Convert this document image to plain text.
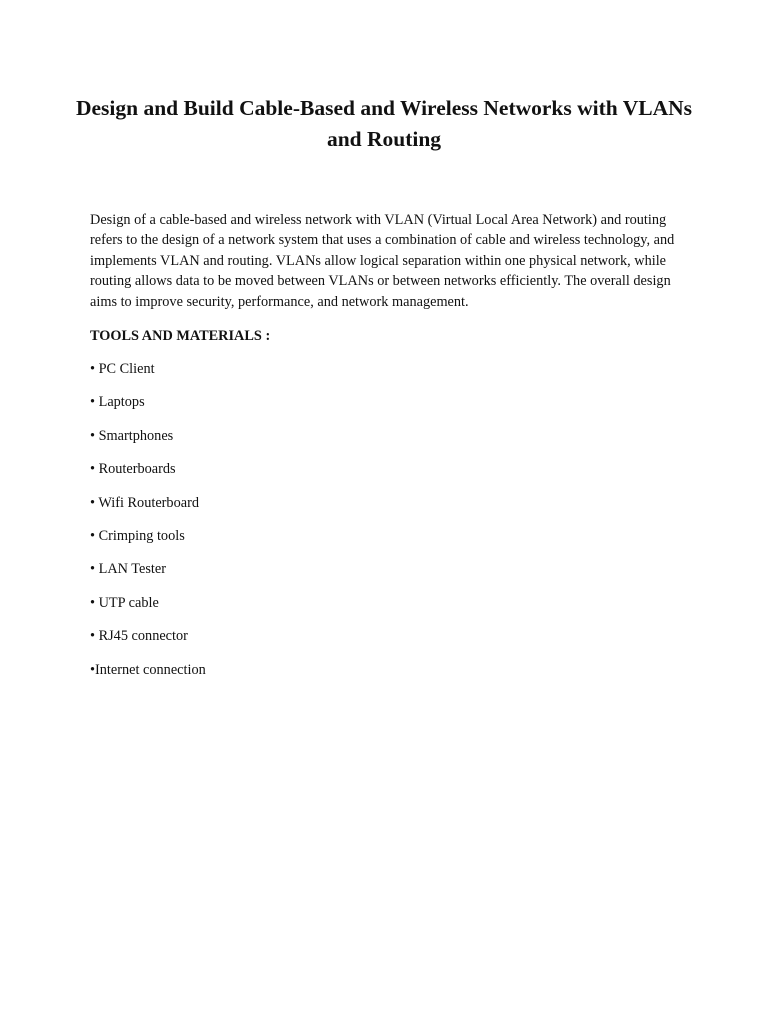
Design and Build Cable-Based and Wireless Networks with VLANs and Routing

Design of a cable-based and wireless network with VLAN (Virtual Local Area Network) and routing refers to the design of a network system that uses a combination of cable and wireless technology, and implements VLAN and routing. VLANs allow logical separation within one physical network, while routing allows data to be moved between VLANs or between networks efficiently. The overall design aims to improve security, performance, and network management.

TOOLS AND MATERIALS :

• PC Client
• Laptops
• Smartphones
• Routerboards
• Wifi Routerboard
• Crimping tools
• LAN Tester
• UTP cable
• RJ45 connector
•Internet connection
